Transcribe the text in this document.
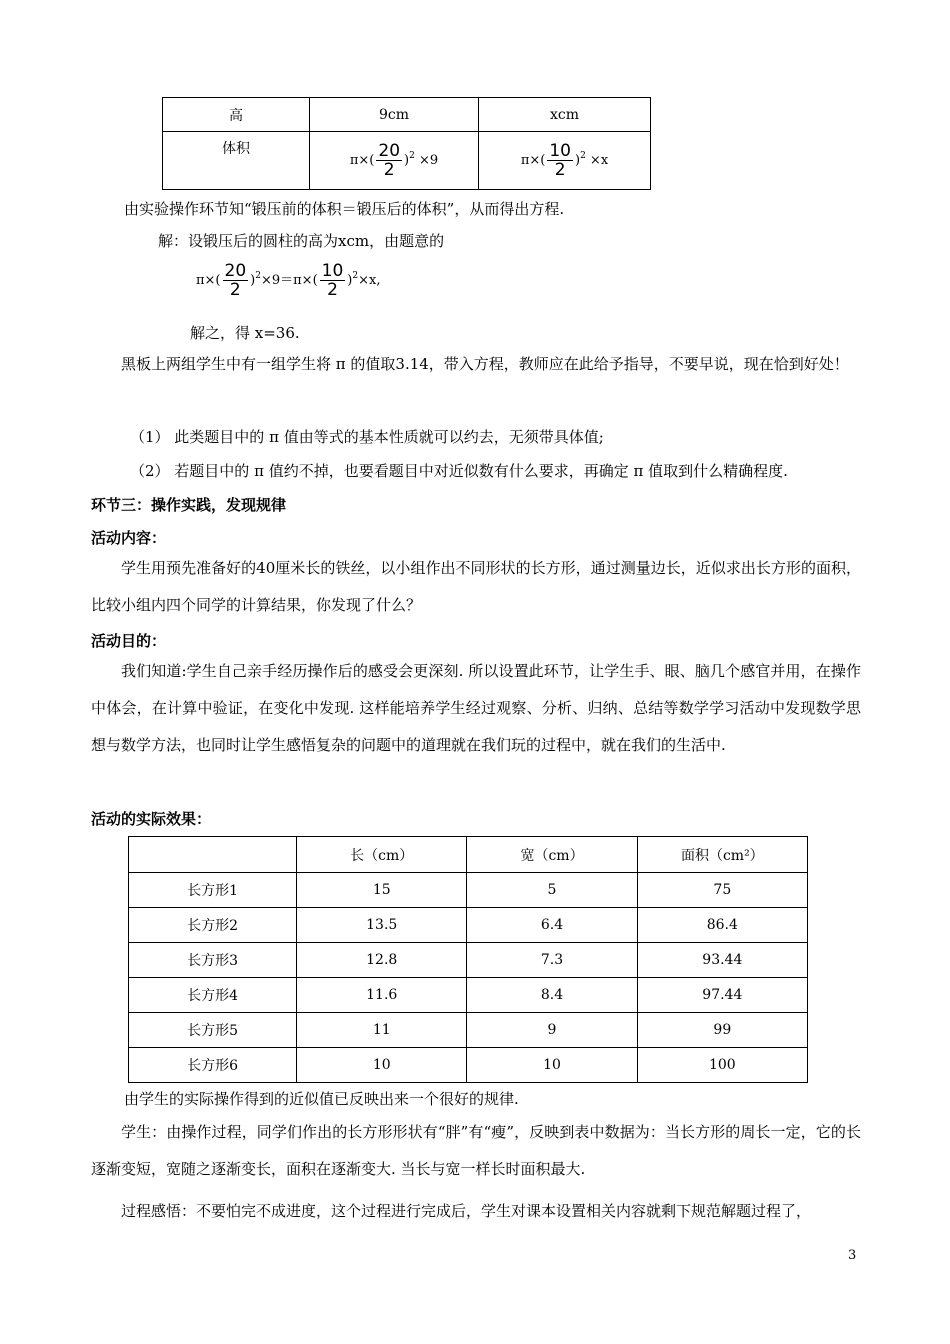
高	9cm	xcm
体积	$\pi\times( \frac{20}{2} )^2 \times 9$	$\pi\times( \frac{10}{2} )^2 \times x$
由实验操作环节知“锻压前的体积＝锻压后的体积”，从而得出方程.
解：设锻压后的圆柱的高为xcm，由题意的
$\pi\times( \frac{20}{2} )^2\times 9=\pi\times( \frac{10}{2} )^2\times x$,
解之，得 x=36.
黑板上两组学生中有一组学生将 π 的值取3.14，带入方程，教师应在此给予指导，不要早说，现在恰到好处！
（1） 此类题目中的 π 值由等式的基本性质就可以约去，无须带具体值;
（2） 若题目中的 π 值约不掉，也要看题目中对近似数有什么要求，再确定 π 值取到什么精确程度.
环节三：操作实践，发现规律
活动内容：
学生用预先准备好的40厘米长的铁丝，以小组作出不同形状的长方形，通过测量边长，近似求出长方形的面积，比较小组内四个同学的计算结果，你发现了什么？
活动目的：
我们知道:学生自己亲手经历操作后的感受会更深刻. 所以设置此环节，让学生手、眼、脑几个感官并用，在操作中体会，在计算中验证，在变化中发现. 这样能培养学生经过观察、分析、归纳、总结等数学学习活动中发现数学思想与数学方法，也同时让学生感悟复杂的问题中的道理就在我们玩的过程中，就在我们的生活中.
活动的实际效果：
	长（cm）	宽（cm）	面积（cm²）
长方形1	15	5	75
长方形2	13.5	6.4	86.4
长方形3	12.8	7.3	93.44
长方形4	11.6	8.4	97.44
长方形5	11	9	99
长方形6	10	10	100
由学生的实际操作得到的近似值已反映出来一个很好的规律.
学生：由操作过程，同学们作出的长方形形状有“胖”有“瘦”，反映到表中数据为：当长方形的周长一定，它的长逐渐变短，宽随之逐渐变长，面积在逐渐变大. 当长与宽一样长时面积最大.
过程感悟：不要怕完不成进度，这个过程进行完成后，学生对课本设置相关内容就剩下规范解题过程了，
3
